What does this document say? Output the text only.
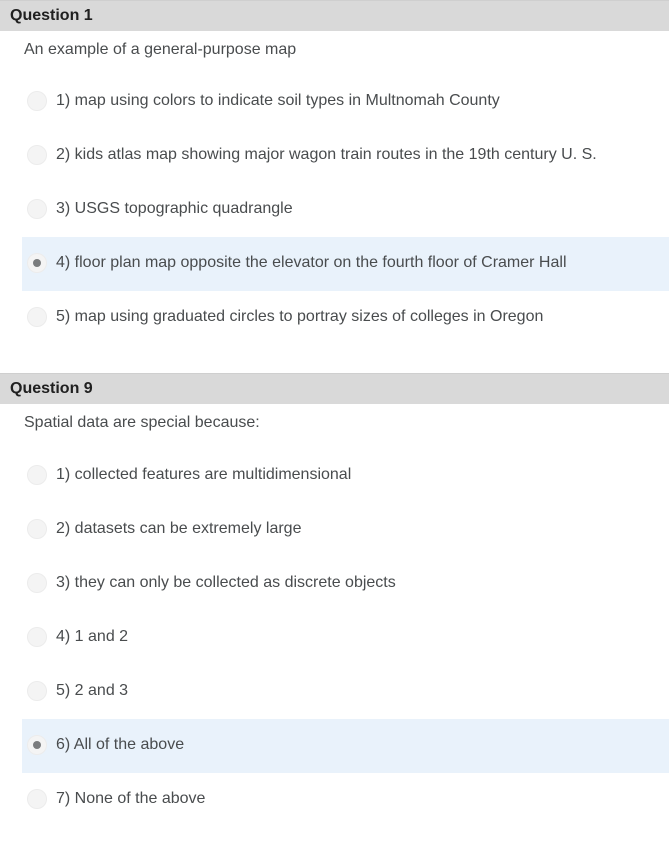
Question 1
An example of a general-purpose map
1) map using colors to indicate soil types in Multnomah County
2) kids atlas map showing major wagon train routes in the 19th century U. S.
3) USGS topographic quadrangle
4) floor plan map opposite the elevator on the fourth floor of Cramer Hall
5) map using graduated circles to portray sizes of colleges in Oregon
Question 9
Spatial data are special because:
1) collected features are multidimensional
2) datasets can be extremely large
3) they can only be collected as discrete objects
4) 1 and 2
5) 2 and 3
6) All of the above
7) None of the above
